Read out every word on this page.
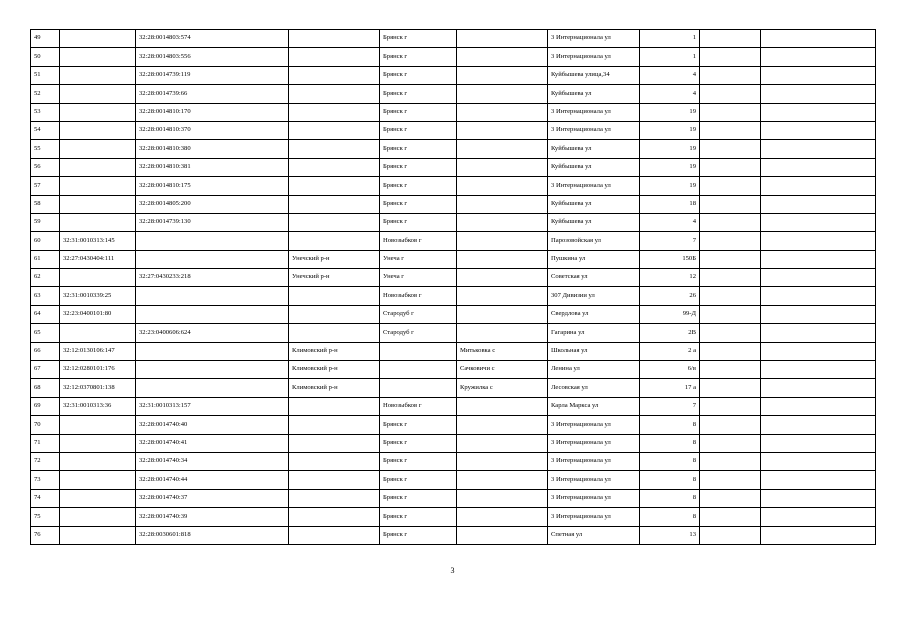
49		32:28:0014803:574		Брянск г		3 Интернационала ул	1		
50		32:28:0014803:556		Брянск г		3 Интернационала ул	1		
51		32:28:0014739:119		Брянск г		Куйбышева улица,34	4		
52		32:28:0014739:66		Брянск г		Куйбышева ул	4		
53		32:28:0014810:170		Брянск г		3 Интернационала ул	19		
54		32:28:0014810:370		Брянск г		3 Интернационала ул	19		
55		32:28:0014810:380		Брянск г		Куйбышева ул	19		
56		32:28:0014810:381		Брянск г		Куйбышева ул	19		
57		32:28:0014810:175		Брянск г		3 Интернационала ул	19		
58		32:28:0014805:200		Брянск г		Куйбышева ул	18		
59		32:28:0014739:130		Брянск г		Куйбышева ул	4		
60	32:31:0010313:145			Новозыбков г		Парозовойская ул	7		
61	32:27:0430404:111		Унечский р-н	Унеча г		Пушкина ул	150Б		
62		32:27:0430233:218	Унечский р-н	Унеча г		Советская ул	12		
63	32:31:0010339:25			Новозыбков г		307 Дивизии ул	26		
64	32:23:0400101:80			Стародуб г		Свердлова ул	99-Д		
65		32:23:0400606:624		Стародуб г		Гагарина ул	2В		
66	32:12:0130106:147		Климовский р-н		Митьковка с	Школьная ул	2 а		
67	32:12:0280101:176		Климовский р-н		Сачковичи с	Ленина ул	6/в		
68	32:12:0370801:138		Климовский р-н		Кружилка с	Лесовская ул	17 а		
69	32:31:0010313:36	32:31:0010313:157		Новозыбков г		Карла Маркса ул	7		
70		32:28:0014740:40		Брянск г		3 Интернационала ул	8		
71		32:28:0014740:41		Брянск г		3 Интернационала ул	8		
72		32:28:0014740:34		Брянск г		3 Интернационала ул	8		
73		32:28:0014740:44		Брянск г		3 Интернационала ул	8		
74		32:28:0014740:37		Брянск г		3 Интернационала ул	8		
75		32:28:0014740:39		Брянск г		3 Интернационала ул	8		
76		32:28:0030601:818		Брянск г		Спетная ул	13		
3
